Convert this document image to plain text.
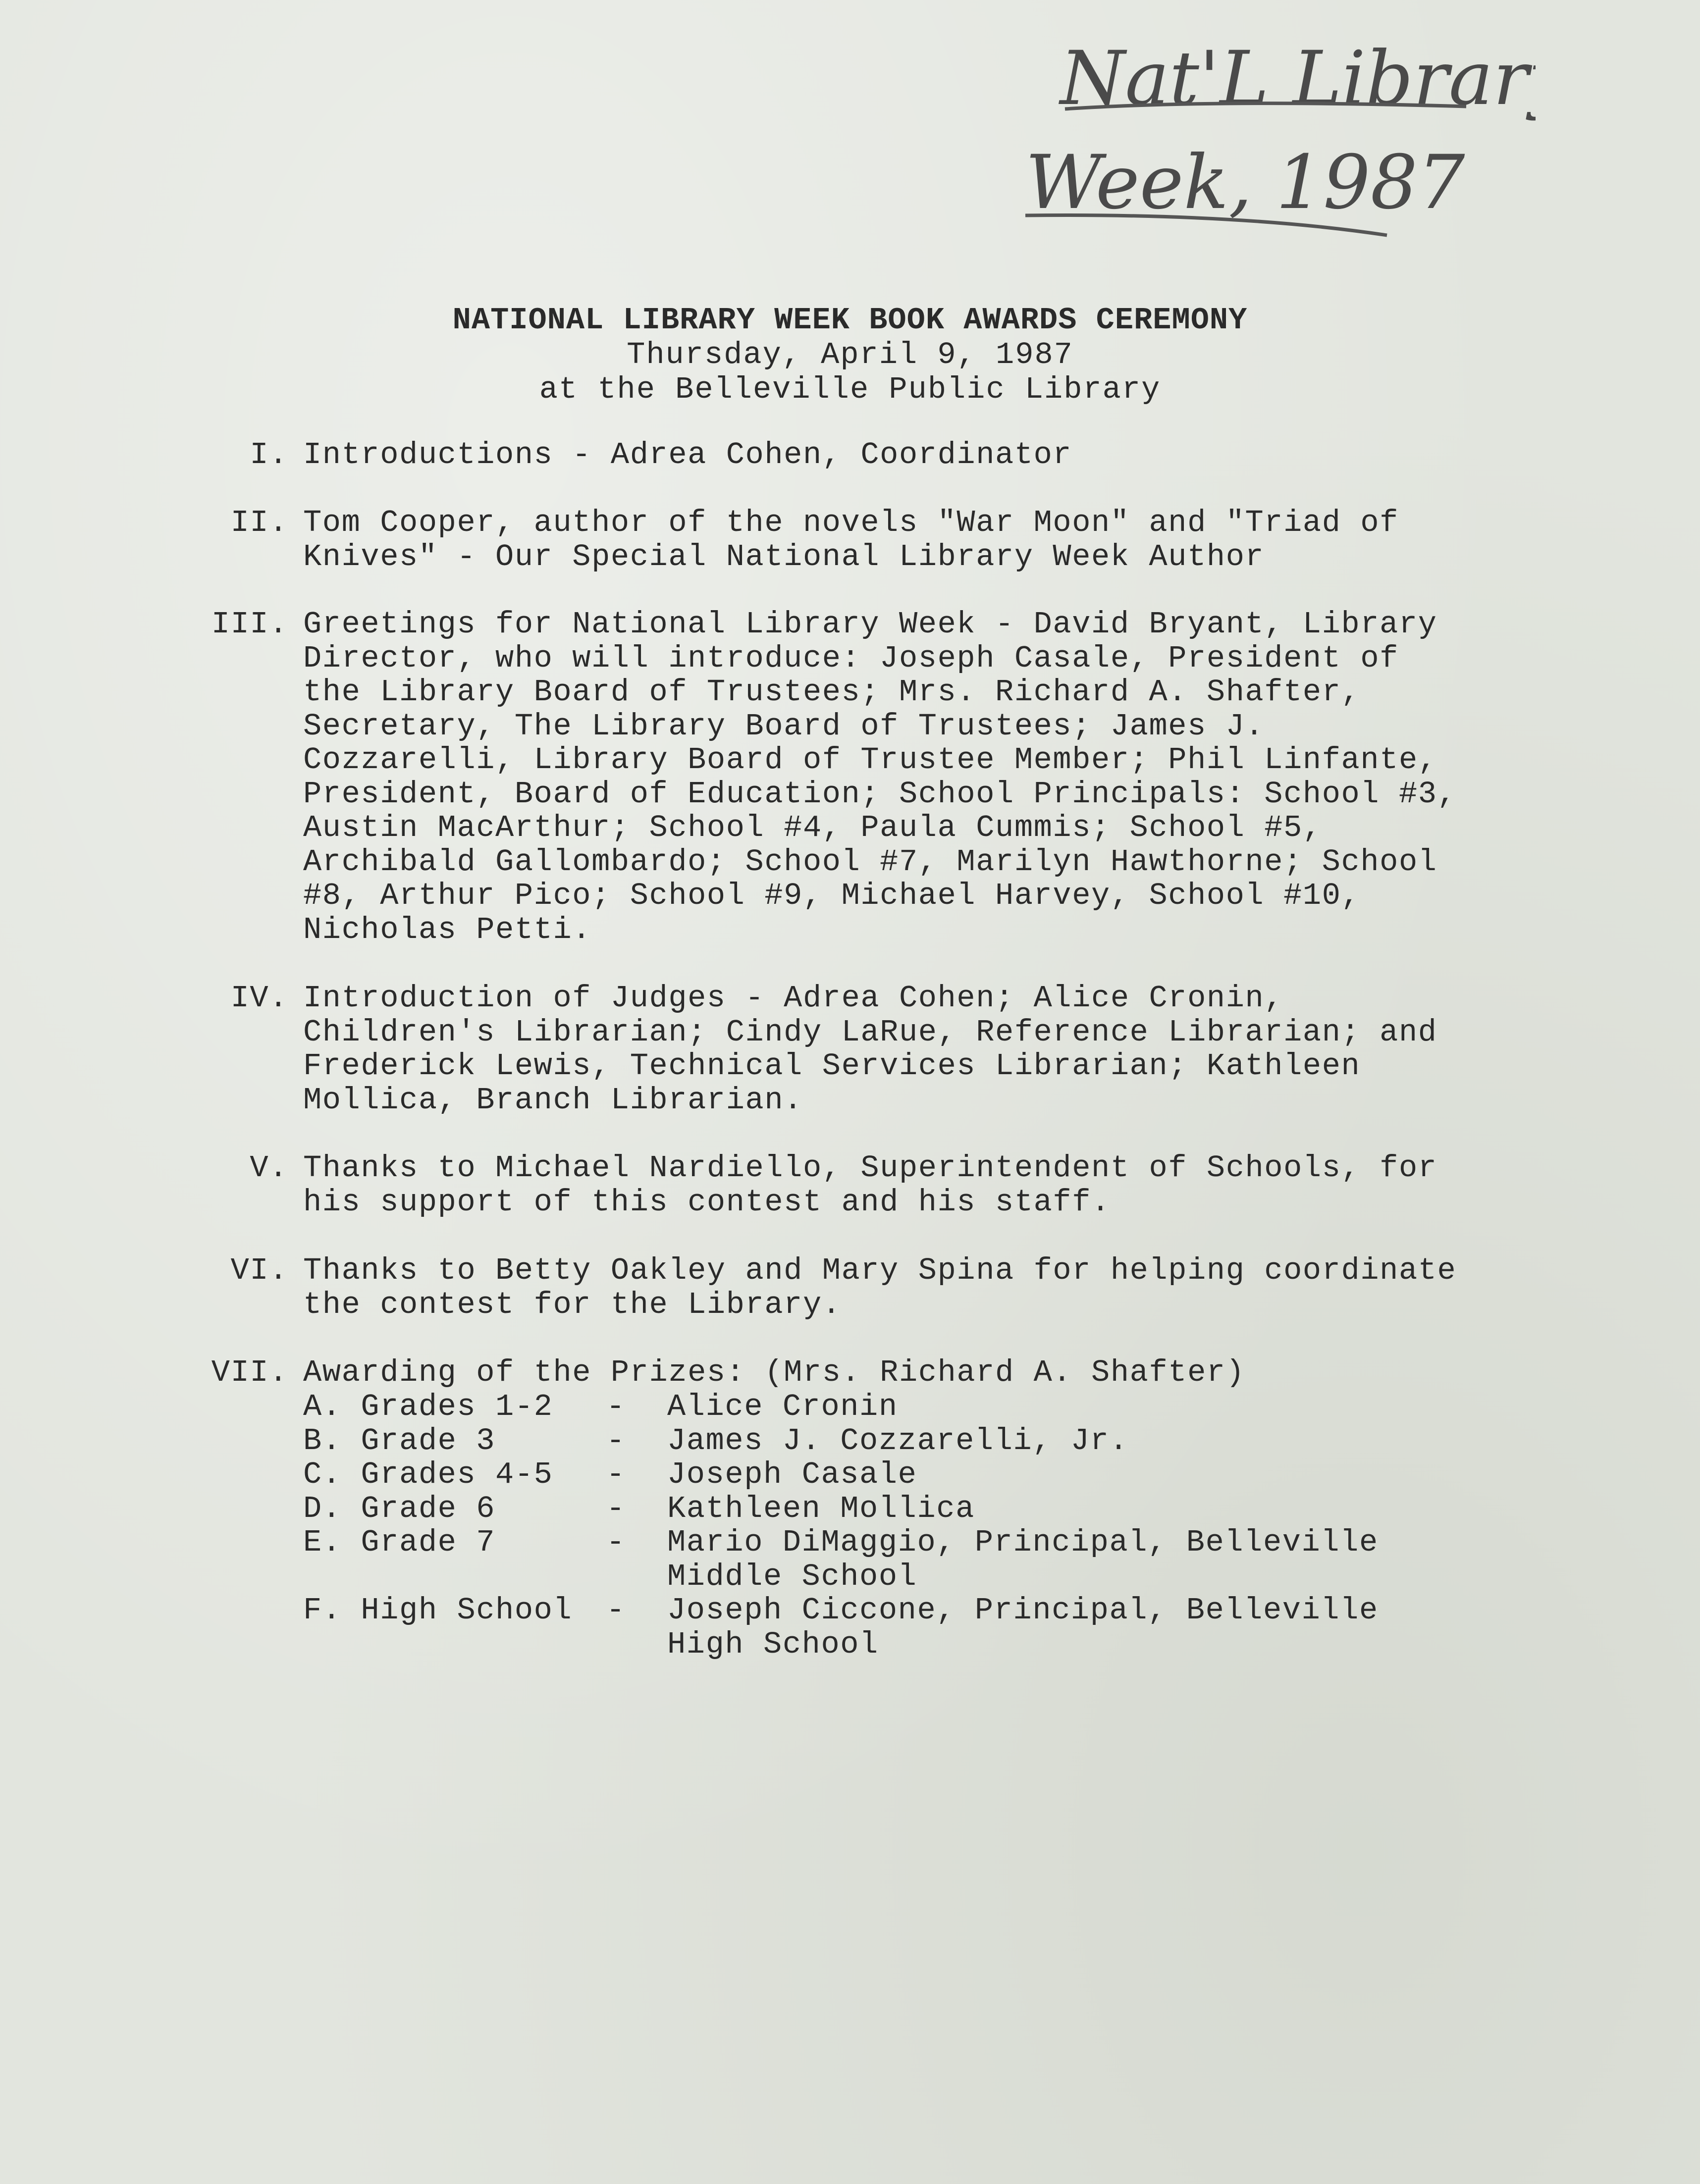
Nat'L Library
Week, 1987
NATIONAL LIBRARY WEEK BOOK AWARDS CEREMONY
Thursday, April 9, 1987
at the Belleville Public Library
I. Introductions - Adrea Cohen, Coordinator
II. Tom Cooper, author of the novels "War Moon" and "Triad of
Knives" - Our Special National Library Week Author
III. Greetings for National Library Week - David Bryant, Library
Director, who will introduce: Joseph Casale, President of
the Library Board of Trustees; Mrs. Richard A. Shafter,
Secretary, The Library Board of Trustees; James J.
Cozzarelli, Library Board of Trustee Member; Phil Linfante,
President, Board of Education; School Principals: School #3,
Austin MacArthur; School #4, Paula Cummis; School #5,
Archibald Gallombardo; School #7, Marilyn Hawthorne; School
#8, Arthur Pico; School #9, Michael Harvey, School #10,
Nicholas Petti.
IV. Introduction of Judges - Adrea Cohen; Alice Cronin,
Children's Librarian; Cindy LaRue, Reference Librarian; and
Frederick Lewis, Technical Services Librarian; Kathleen
Mollica, Branch Librarian.
V. Thanks to Michael Nardiello, Superintendent of Schools, for
his support of this contest and his staff.
VI. Thanks to Betty Oakley and Mary Spina for helping coordinate
the contest for the Library.
VII. Awarding of the Prizes: (Mrs. Richard A. Shafter)
A. Grades 1-2 - Alice Cronin
B. Grade 3	- James J. Cozzarelli, Jr.
C. Grades 4-5 - Joseph Casale
D. Grade 6	- Kathleen Mollica
E. Grade 7	- Mario DiMaggio, Principal, Belleville
Middle School
F. High School - Joseph Ciccone, Principal, Belleville
High School
